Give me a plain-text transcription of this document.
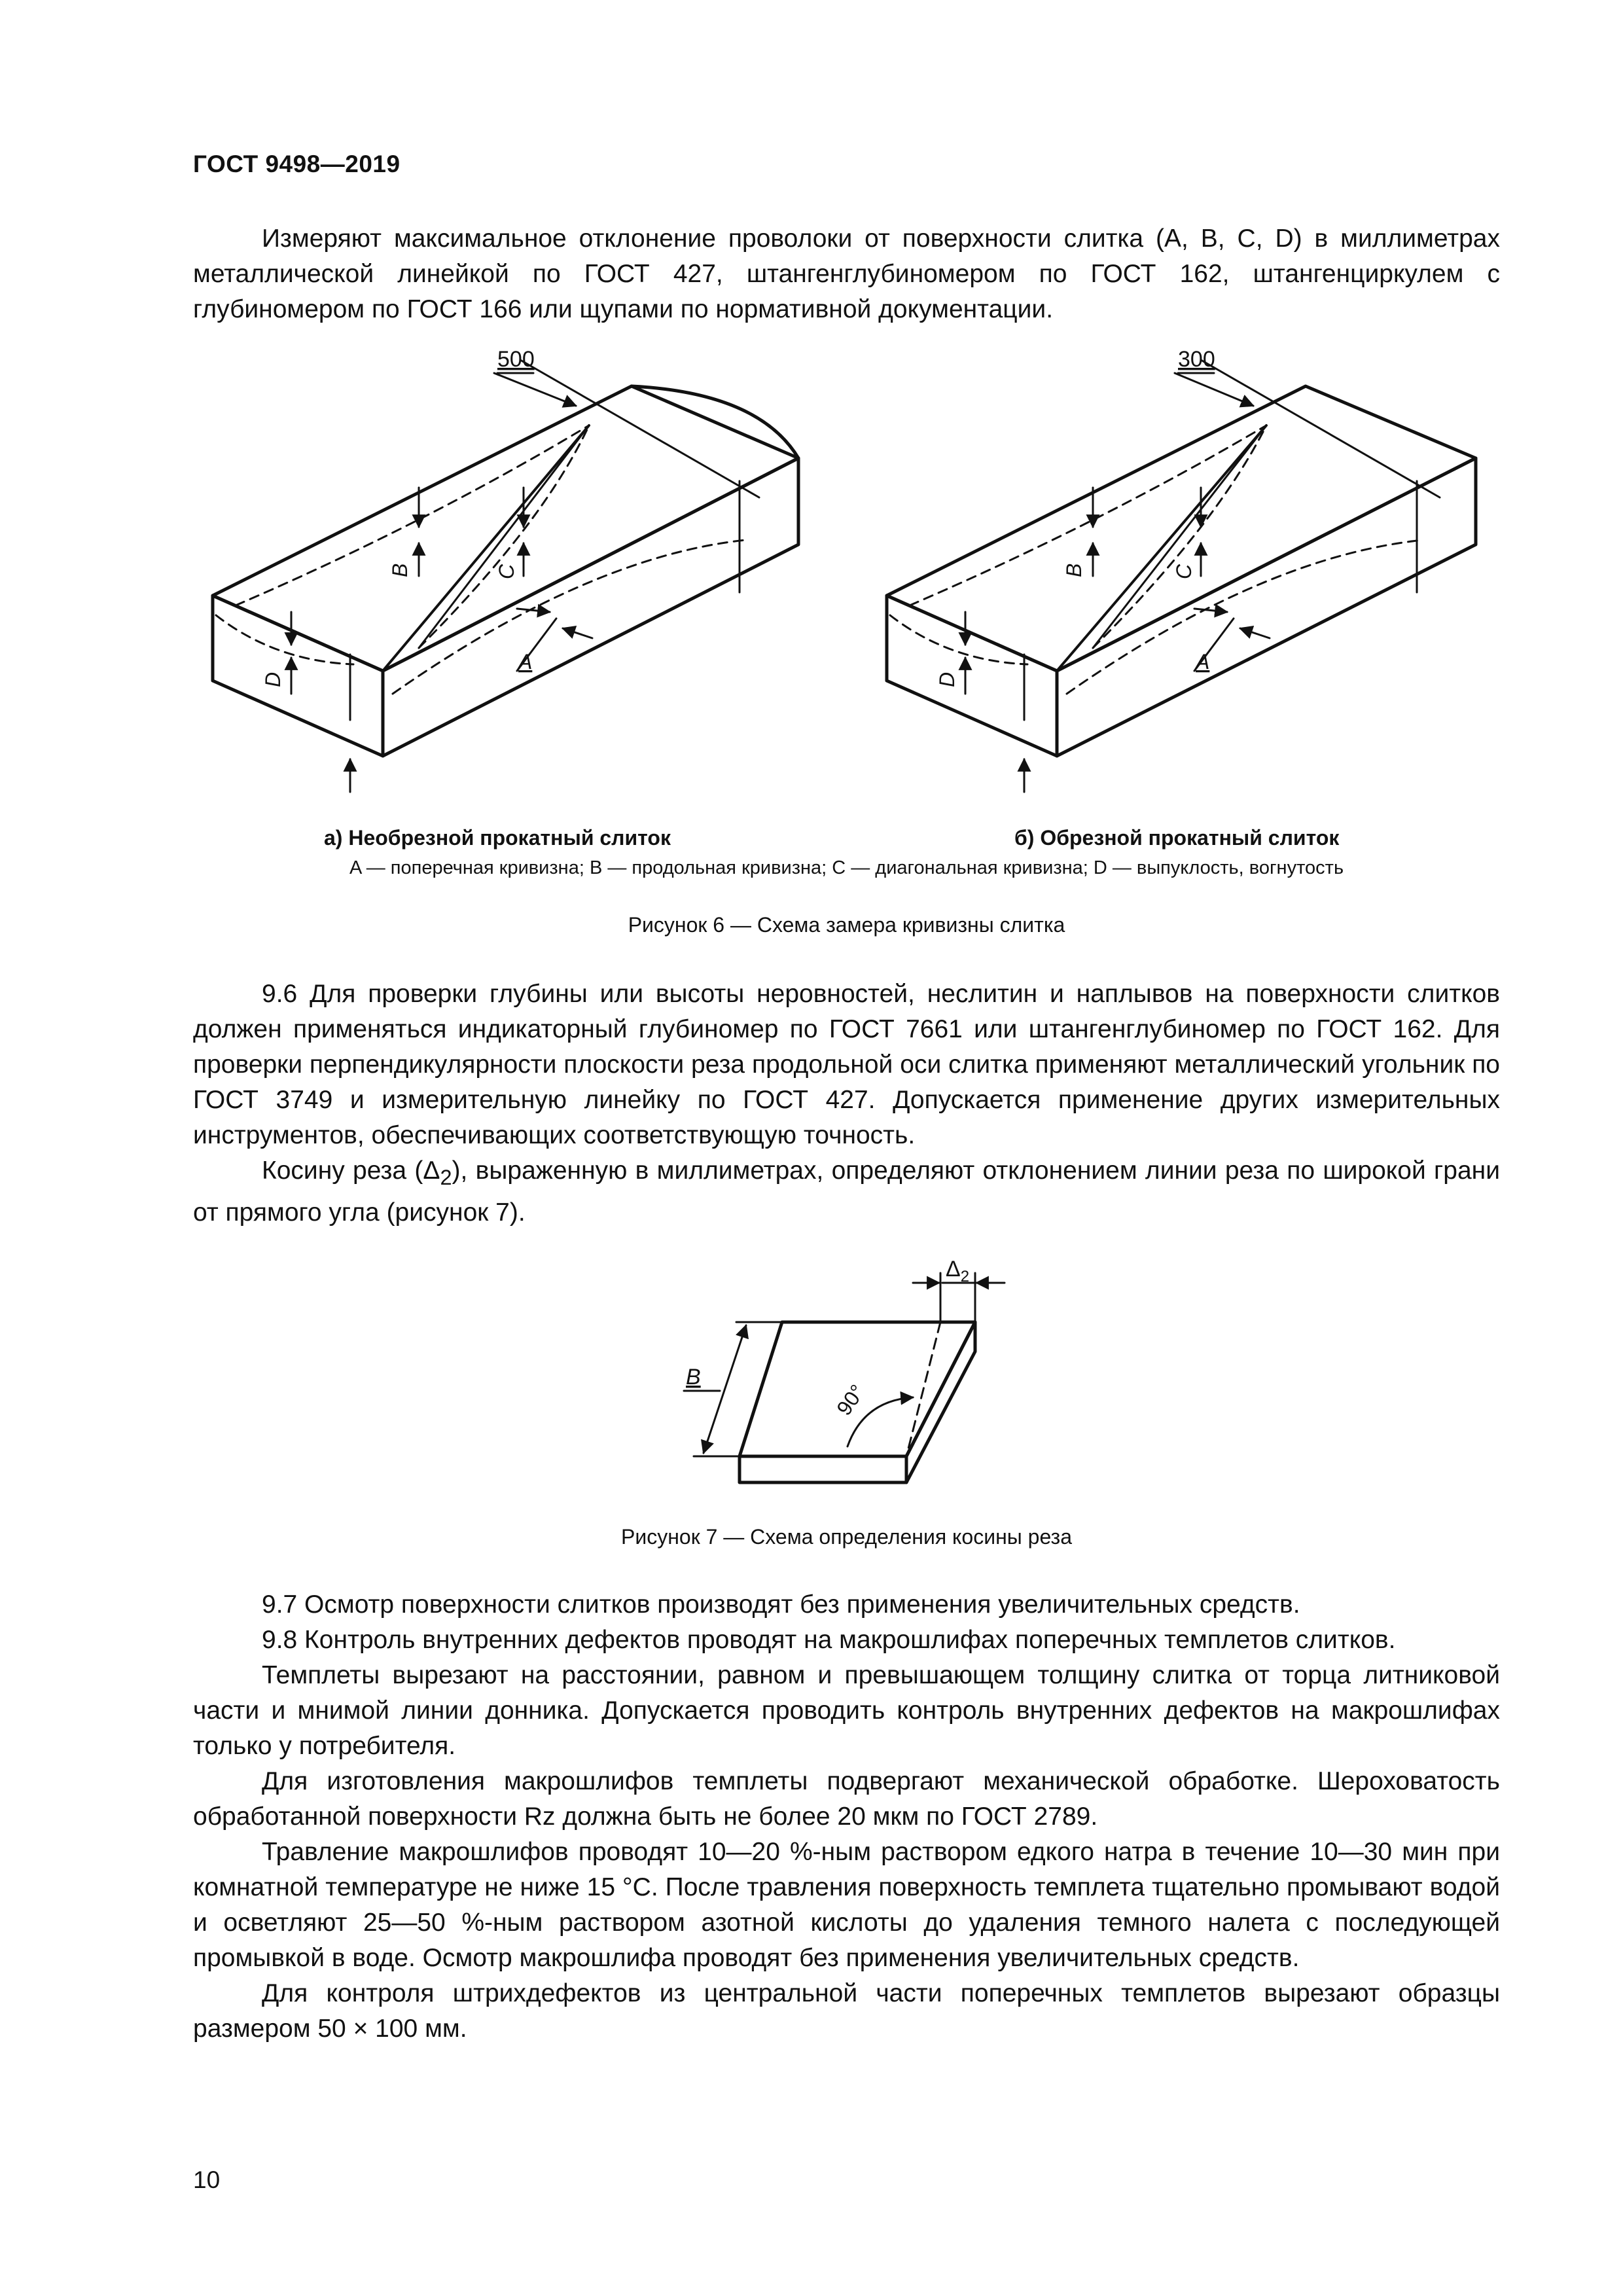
ГОСТ 9498—2019

Измеряют максимальное отклонение проволоки от поверхности слитка (A, B, C, D) в миллиметрах металлической линейкой по ГОСТ 427, штангенглубиномером по ГОСТ 162, штангенциркулем с глубиномером по ГОСТ 166 или щупами по нормативной документации.

500
B	C
D
A
300
B	C
D
A
а) Необрезной прокатный слиток	б) Обрезной прокатный слиток
A — поперечная кривизна; B — продольная кривизна; C — диагональная кривизна; D — выпуклость, вогнутость
Рисунок 6 — Схема замера кривизны слитка

9.6 Для проверки глубины или высоты неровностей, неслитин и наплывов на поверхности слитков должен применяться индикаторный глубиномер по ГОСТ 7661 или штангенглубиномер по ГОСТ 162. Для проверки перпендикулярности плоскости реза продольной оси слитка применяют металлический угольник по ГОСТ 3749 и измерительную линейку по ГОСТ 427. Допускается применение других измерительных инструментов, обеспечивающих соответствующую точность.

Косину реза $(\Delta_2)$, выраженную в миллиметрах, определяют отклонением линии реза по широкой грани от прямого угла (рисунок 7).

B
90°
$\Delta_2$
Рисунок 7 — Схема определения косины реза

9.7 Осмотр поверхности слитков производят без применения увеличительных средств.

9.8 Контроль внутренних дефектов проводят на макрошлифах поперечных темплетов слитков.

Темплеты вырезают на расстоянии, равном и превышающем толщину слитка от торца литниковой части и мнимой линии донника. Допускается проводить контроль внутренних дефектов на макрошлифах только у потребителя.

Для изготовления макрошлифов темплеты подвергают механической обработке. Шероховатость обработанной поверхности Rz должна быть не более 20 мкм по ГОСТ 2789.

Травление макрошлифов проводят 10—20 %-ным раствором едкого натра в течение 10—30 мин при комнатной температуре не ниже 15 °С. После травления поверхность темплета тщательно промывают водой и осветляют 25—50 %-ным раствором азотной кислоты до удаления темного налета с последующей промывкой в воде. Осмотр макрошлифа проводят без применения увеличительных средств.

Для контроля штрихдефектов из центральной части поперечных темплетов вырезают образцы размером 50 × 100 мм.

10
